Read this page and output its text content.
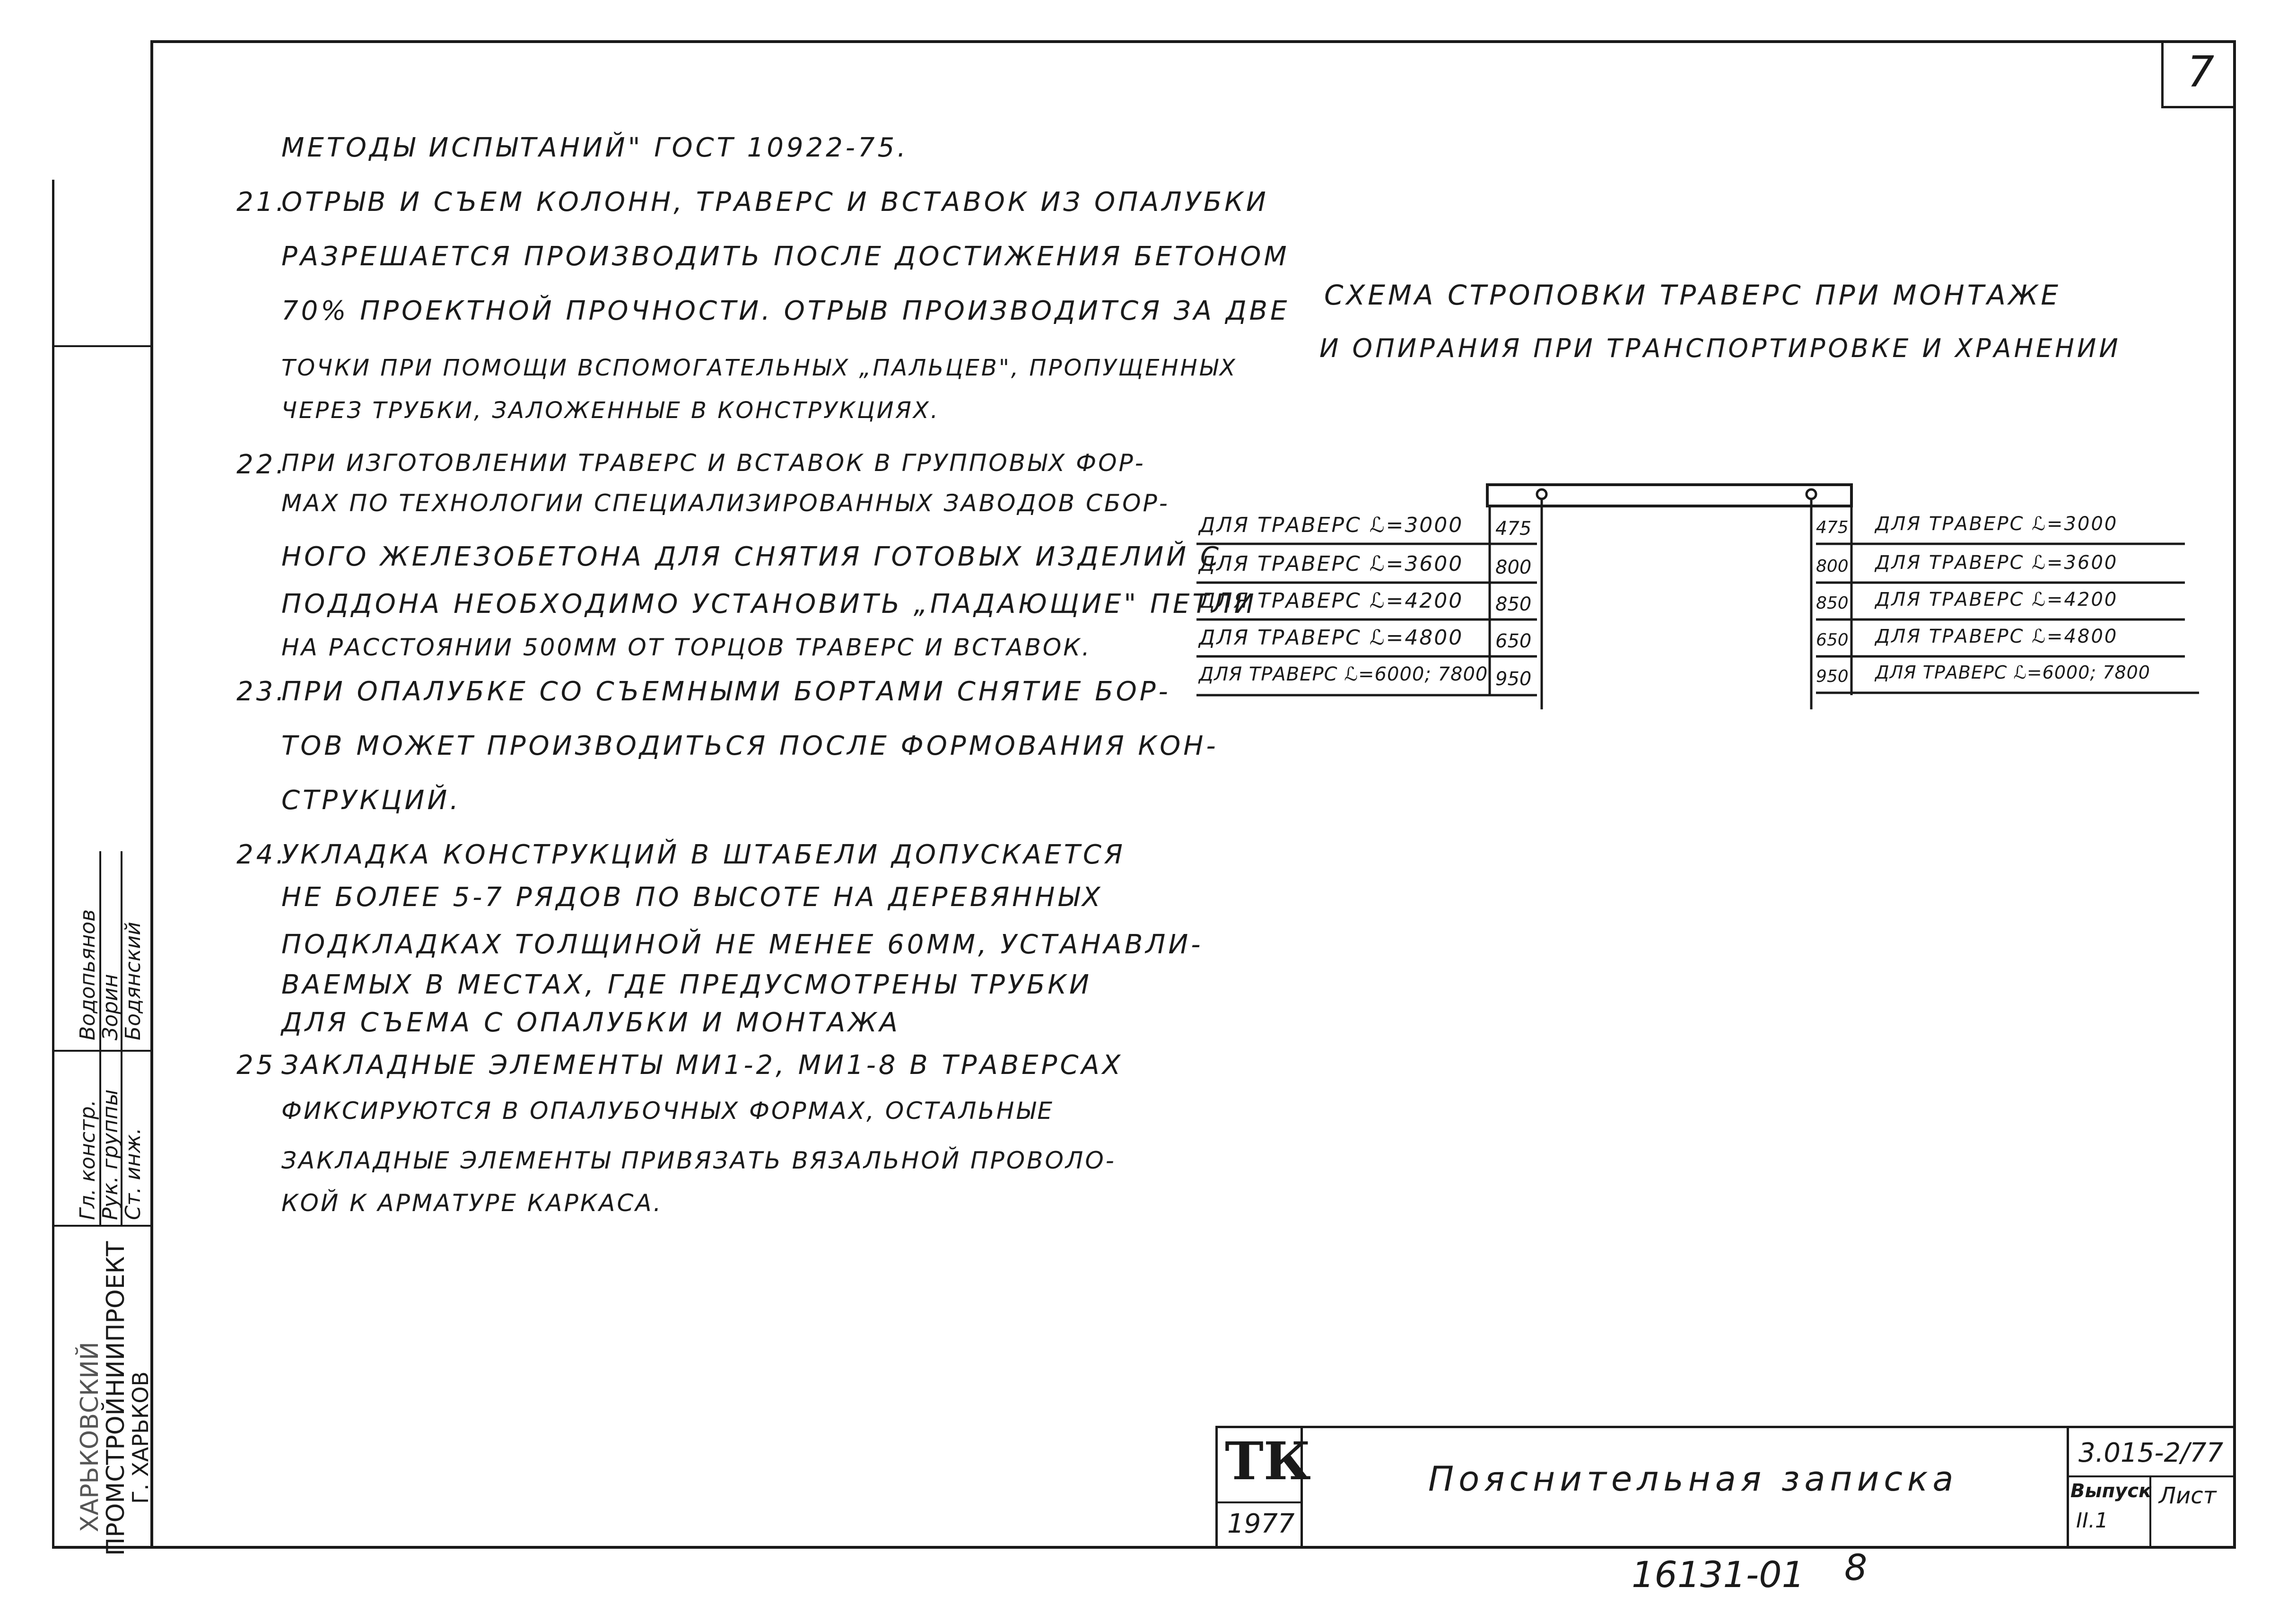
7
ХАРЬКОВСКИЙ
ПРОМСТРОЙНИИПРОЕКТ
Г. ХАРЬКОВ
Гл. констр.
Водопьянов
Рук. группы
Зорин
Ст. инж.
Бодянский
МЕТОДЫ ИСПЫТАНИЙ" ГОСТ 10922-75.
21.
ОТРЫВ И СЪЕМ КОЛОНН, ТРАВЕРС И ВСТАВОК ИЗ ОПАЛУБКИ
РАЗРЕШАЕТСЯ ПРОИЗВОДИТЬ ПОСЛЕ ДОСТИЖЕНИЯ БЕТОНОМ
70% ПРОЕКТНОЙ ПРОЧНОСТИ. ОТРЫВ ПРОИЗВОДИТСЯ ЗА ДВЕ
ТОЧКИ ПРИ ПОМОЩИ ВСПОМОГАТЕЛЬНЫХ „ПАЛЬЦЕВ", ПРОПУЩЕННЫХ
ЧЕРЕЗ ТРУБКИ, ЗАЛОЖЕННЫЕ В КОНСТРУКЦИЯХ.
22.
ПРИ ИЗГОТОВЛЕНИИ ТРАВЕРС И ВСТАВОК В ГРУППОВЫХ ФОР-
МАХ ПО ТЕХНОЛОГИИ СПЕЦИАЛИЗИРОВАННЫХ ЗАВОДОВ СБОР-
НОГО ЖЕЛЕЗОБЕТОНА ДЛЯ СНЯТИЯ ГОТОВЫХ ИЗДЕЛИЙ С
ПОДДОНА НЕОБХОДИМО УСТАНОВИТЬ „ПАДАЮЩИЕ" ПЕТЛИ
НА РАССТОЯНИИ 500ММ ОТ ТОРЦОВ ТРАВЕРС И ВСТАВОК.
23.
ПРИ ОПАЛУБКЕ СО СЪЕМНЫМИ БОРТАМИ СНЯТИЕ БОР-
ТОВ МОЖЕТ ПРОИЗВОДИТЬСЯ ПОСЛЕ ФОРМОВАНИЯ КОН-
СТРУКЦИЙ.
24.
УКЛАДКА КОНСТРУКЦИЙ В ШТАБЕЛИ ДОПУСКАЕТСЯ
НЕ БОЛЕЕ 5-7 РЯДОВ ПО ВЫСОТЕ НА ДЕРЕВЯННЫХ
ПОДКЛАДКАХ ТОЛЩИНОЙ НЕ МЕНЕЕ 60ММ, УСТАНАВЛИ-
ВАЕМЫХ В МЕСТАХ, ГДЕ ПРЕДУСМОТРЕНЫ ТРУБКИ
ДЛЯ СЪЕМА С ОПАЛУБКИ И МОНТАЖА
25 ЗАКЛАДНЫЕ ЭЛЕМЕНТЫ МИ1-2, МИ1-8 В ТРАВЕРСАХ
ФИКСИРУЮТСЯ В ОПАЛУБОЧНЫХ ФОРМАХ, ОСТАЛЬНЫЕ
ЗАКЛАДНЫЕ ЭЛЕМЕНТЫ ПРИВЯЗАТЬ ВЯЗАЛЬНОЙ ПРОВОЛО-
КОЙ К АРМАТУРЕ КАРКАСА.
СХЕМА СТРОПОВКИ ТРАВЕРС ПРИ МОНТАЖЕ
И ОПИРАНИЯ ПРИ ТРАНСПОРТИРОВКЕ И ХРАНЕНИИ
ДЛЯ ТРАВЕРС ℒ=3000
ДЛЯ ТРАВЕРС ℒ=3600
ДЛЯ ТРАВЕРС ℒ=4200
ДЛЯ ТРАВЕРС ℒ=4800
ДЛЯ ТРАВЕРС ℒ=6000; 7800
475
800
850
650
950
475
800
850
650
950
ДЛЯ ТРАВЕРС ℒ=3000
ДЛЯ ТРАВЕРС ℒ=3600
ДЛЯ ТРАВЕРС ℒ=4200
ДЛЯ ТРАВЕРС ℒ=4800
ДЛЯ ТРАВЕРС ℒ=6000; 7800
ТК
1977
Пояснительная записка
3.015-2/77
Выпуск
II.1
Лист
16131-01 8
